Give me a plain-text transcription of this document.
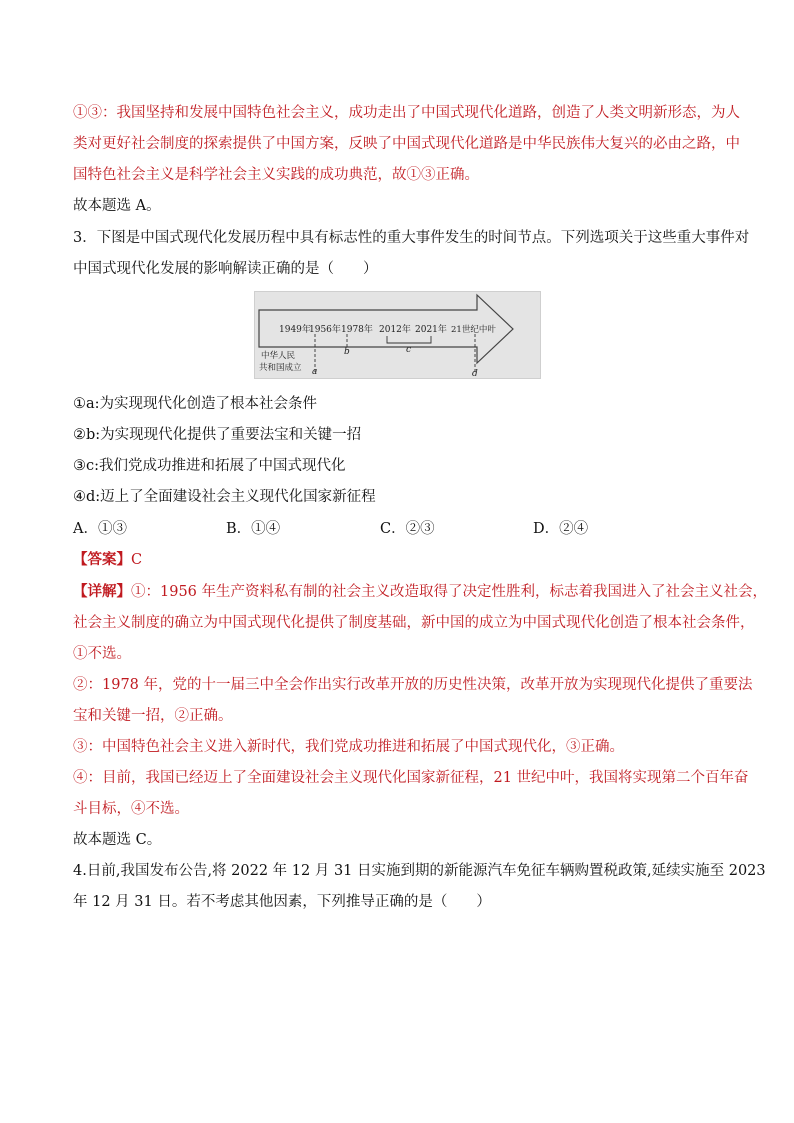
①③：我国坚持和发展中国特色社会主义，成功走出了中国式现代化道路，创造了人类文明新形态，为人
类对更好社会制度的探索提供了中国方案，反映了中国式现代化道路是中华民族伟大复兴的必由之路，中
国特色社会主义是科学社会主义实践的成功典范，故①③正确。
故本题选 A。
3．下图是中国式现代化发展历程中具有标志性的重大事件发生的时间节点。下列选项关于这些重大事件对
中国式现代化发展的影响解读正确的是（　　）
1949年
1956年 1978年 2012年 2021年 21世纪中叶
a
b	c
d
中华人民
共和国成立
①a:为实现现代化创造了根本社会条件
②b:为实现现代化提供了重要法宝和关键一招
③c:我们党成功推进和拓展了中国式现代化
④d:迈上了全面建设社会主义现代化国家新征程
A．①③	B．①④	C．②③	D．②④
【答案】C
【详解】①：1956 年生产资料私有制的社会主义改造取得了决定性胜利，标志着我国进入了社会主义社会，
社会主义制度的确立为中国式现代化提供了制度基础，新中国的成立为中国式现代化创造了根本社会条件，
①不选。
②：1978 年，党的十一届三中全会作出实行改革开放的历史性决策，改革开放为实现现代化提供了重要法
宝和关键一招，②正确。
③：中国特色社会主义进入新时代，我们党成功推进和拓展了中国式现代化，③正确。
④：目前，我国已经迈上了全面建设社会主义现代化国家新征程，21 世纪中叶，我国将实现第二个百年奋
斗目标，④不选。
故本题选 C。
4.日前,我国发布公告,将 2022 年 12 月 31 日实施到期的新能源汽车免征车辆购置税政策,延续实施至 2023
年 12 月 31 日。若不考虑其他因素，下列推导正确的是（　　）
